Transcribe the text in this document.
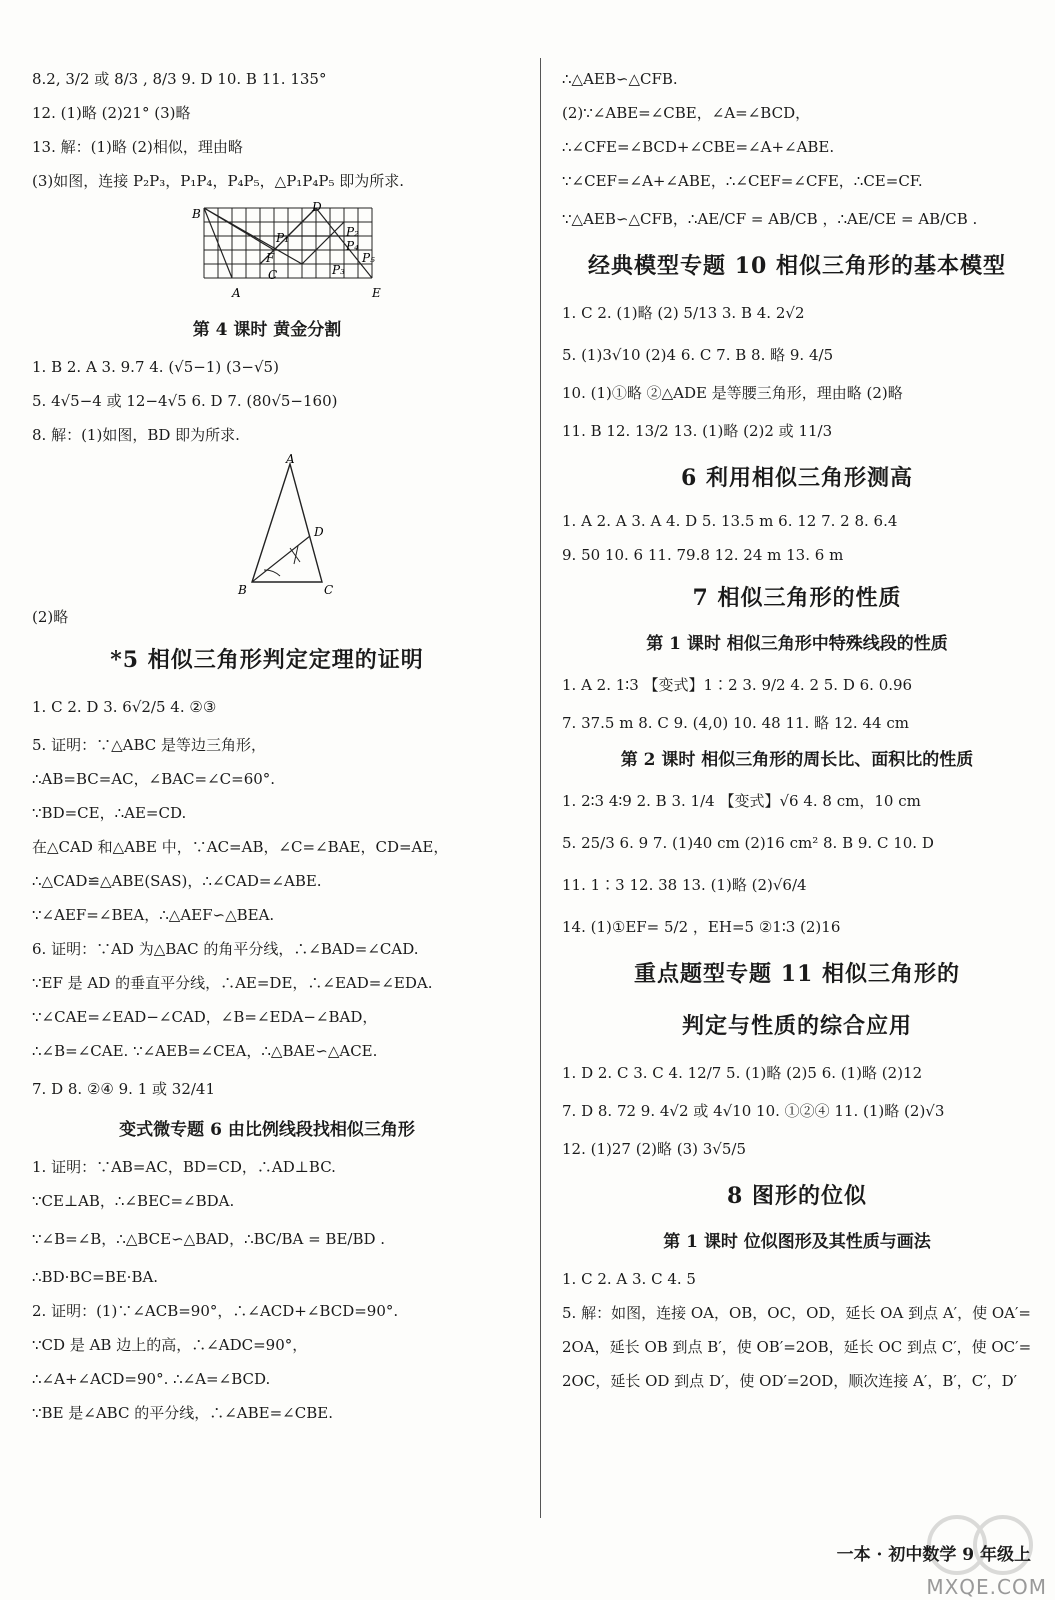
8.2, 3/2 或 8/3 , 8/3 9. D 10. B 11. 135°
12. (1)略 (2)21° (3)略
13. 解：(1)略 (2)相似，理由略
(3)如图，连接 P₂P₃，P₁P₄，P₄P₅，△P₁P₄P₅ 即为所求.
B	D
P₁	P₂
P₃
P₄
P₅
F
C
A	E
第 4 课时 黄金分割
1. B 2. A 3. 9.7 4. (√5−1) (3−√5)
5. 4√5−4 或 12−4√5 6. D 7. (80√5−160)
8. 解：(1)如图，BD 即为所求.
A
B	C
D
(2)略
*5 相似三角形判定定理的证明
1. C 2. D 3. 6√2/5 4. ②③
5. 证明：∵△ABC 是等边三角形，
∴AB=BC=AC，∠BAC=∠C=60°.
∵BD=CE，∴AE=CD.
在△CAD 和△ABE 中，∵AC=AB，∠C=∠BAE，CD=AE，
∴△CAD≌△ABE(SAS)，∴∠CAD=∠ABE.
∵∠AEF=∠BEA，∴△AEF∽△BEA.
6. 证明：∵AD 为△BAC 的角平分线，∴∠BAD=∠CAD.
∵EF 是 AD 的垂直平分线，∴AE=DE，∴∠EAD=∠EDA.
∵∠CAE=∠EAD−∠CAD，∠B=∠EDA−∠BAD，
∴∠B=∠CAE. ∵∠AEB=∠CEA，∴△BAE∽△ACE.
7. D 8. ②④ 9. 1 或 32/41
变式微专题 6 由比例线段找相似三角形
1. 证明：∵AB=AC，BD=CD，∴AD⊥BC.
∵CE⊥AB，∴∠BEC=∠BDA.
∵∠B=∠B，∴△BCE∽△BAD，∴BC/BA = BE/BD .
∴BD·BC=BE·BA.
2. 证明：(1)∵∠ACB=90°，∴∠ACD+∠BCD=90°.
∵CD 是 AB 边上的高，∴∠ADC=90°，
∴∠A+∠ACD=90°. ∴∠A=∠BCD.
∵BE 是∠ABC 的平分线，∴∠ABE=∠CBE.
∴△AEB∽△CFB.
(2)∵∠ABE=∠CBE，∠A=∠BCD，
∴∠CFE=∠BCD+∠CBE=∠A+∠ABE.
∵∠CEF=∠A+∠ABE，∴∠CEF=∠CFE，∴CE=CF.
∵△AEB∽△CFB，∴AE/CF = AB/CB ，∴AE/CE = AB/CB .
经典模型专题 10 相似三角形的基本模型
1. C 2. (1)略 (2) 5/13 3. B 4. 2√2
5. (1)3√10 (2)4 6. C 7. B 8. 略 9. 4/5
10. (1)①略 ②△ADE 是等腰三角形，理由略 (2)略
11. B 12. 13/2 13. (1)略 (2)2 或 11/3
6 利用相似三角形测高
1. A 2. A 3. A 4. D 5. 13.5 m 6. 12 7. 2 8. 6.4
9. 50 10. 6 11. 79.8 12. 24 m 13. 6 m
7 相似三角形的性质
第 1 课时 相似三角形中特殊线段的性质
1. A 2. 1∶3 【变式】1∶2 3. 9/2 4. 2 5. D 6. 0.96
7. 37.5 m 8. C 9. (4,0) 10. 48 11. 略 12. 44 cm
第 2 课时 相似三角形的周长比、面积比的性质
1. 2∶3 4∶9 2. B 3. 1/4 【变式】√6 4. 8 cm，10 cm
5. 25/3 6. 9 7. (1)40 cm (2)16 cm² 8. B 9. C 10. D
11. 1∶3 12. 38 13. (1)略 (2)√6/4
14. (1)①EF= 5/2 ，EH=5 ②1∶3 (2)16
重点题型专题 11 相似三角形的
判定与性质的综合应用
1. D 2. C 3. C 4. 12/7 5. (1)略 (2)5 6. (1)略 (2)12
7. D 8. 72 9. 4√2 或 4√10 10. ①②④ 11. (1)略 (2)√3
12. (1)27 (2)略 (3) 3√5/5
8 图形的位似
第 1 课时 位似图形及其性质与画法
1. C 2. A 3. C 4. 5
5. 解：如图，连接 OA，OB，OC，OD，延长 OA 到点 A′，使 OA′=
2OA，延长 OB 到点 B′，使 OB′=2OB，延长 OC 到点 C′，使 OC′=
2OC，延长 OD 到点 D′，使 OD′=2OD，顺次连接 A′，B′，C′，D′
MXQE.COM
一本 · 初中数学 9 年级上
